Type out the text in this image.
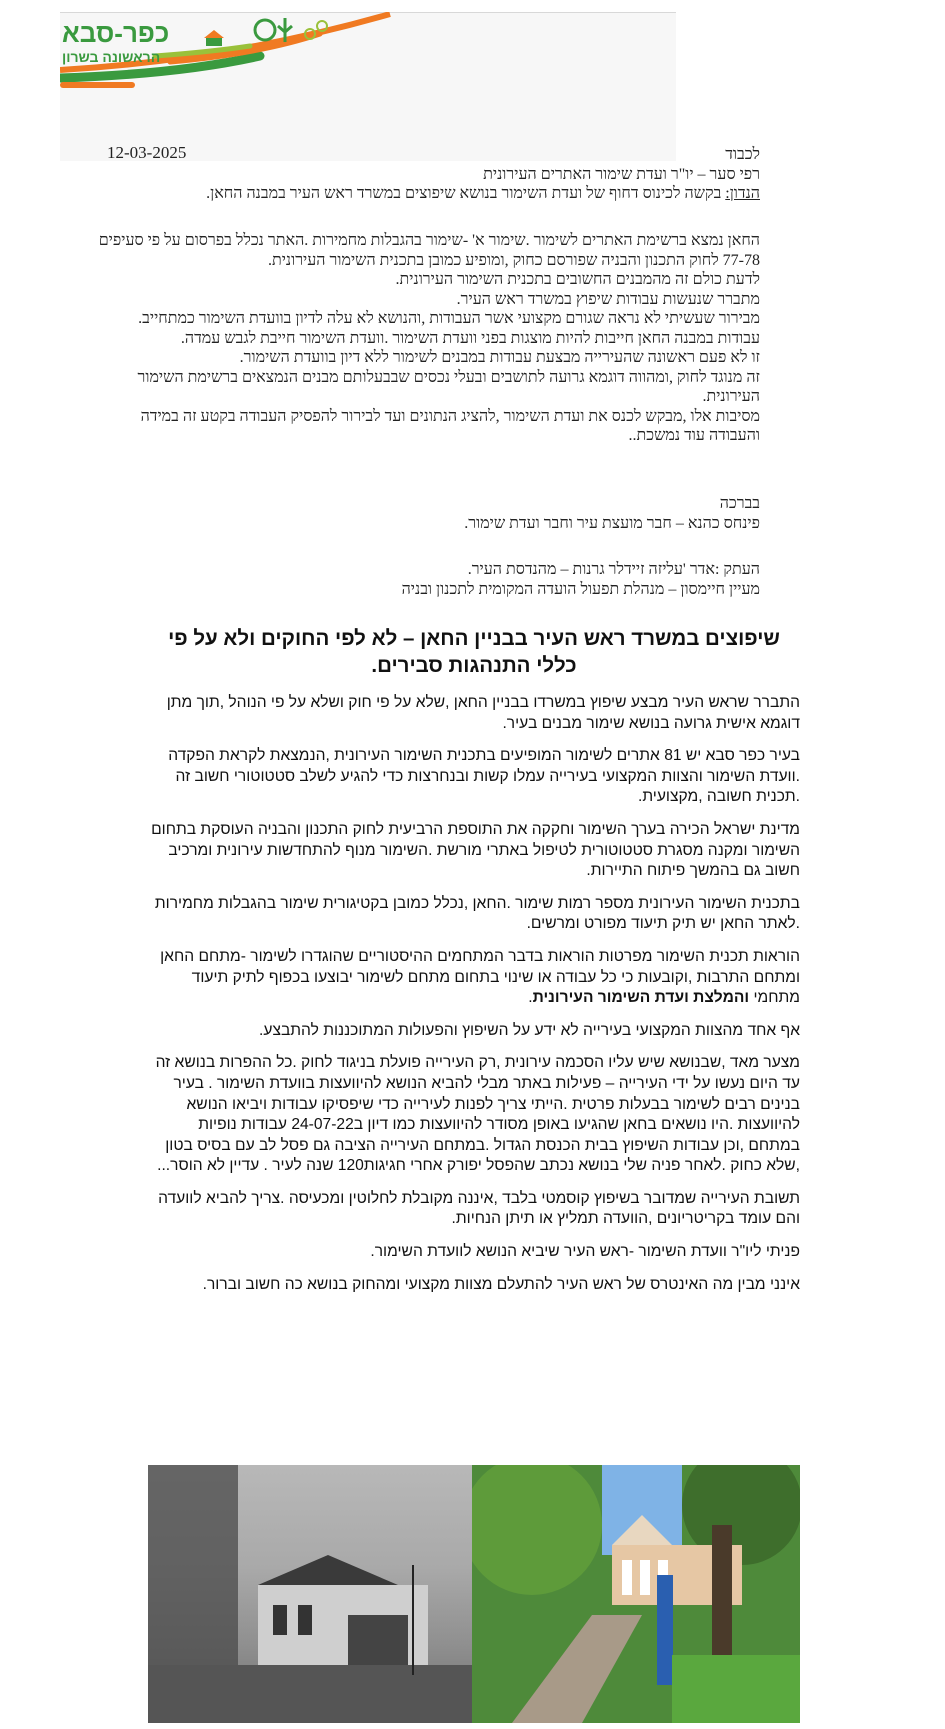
כפר-סבא
הראשונה בשרון
12-03-2025	לכבוד

רפי סער – יו"ר ועדת שימור האתרים העירונית

הנדון: בקשה לכינוס דחוף של ועדת השימור בנושא שיפוצים במשרד ראש העיר במבנה החאן.

החאן נמצא ברשימת האתרים לשימור .שימור א' -שימור בהגבלות מחמירות .האתר נכלל בפרסום על פי סעיפים 77-78 לחוק התכנון והבניה שפורסם כחוק ,ומופיע כמובן בתכנית השימור העירונית.

לדעת כולם זה מהמבנים החשובים בתכנית השימור העירונית.

מתברר שנעשות עבודות שיפוץ במשרד ראש העיר.

מבירור שעשיתי לא נראה שגורם מקצועי אשר העבודות ,והנושא לא עלה לדיון בוועדת השימור כמתחייב.

עבודות במבנה החאן חייבות להיות מוצגות בפני וועדת השימור .וועדת השימור חייבת לגבש עמדה.

זו לא פעם ראשונה שהעירייה מבצעת עבודות במבנים לשימור ללא דיון בוועדת השימור.

זה מנוגד לחוק ,ומהווה דוגמא גרועה לתושבים ובעלי נכסים שבבעלותם מבנים הנמצאים ברשימת השימור העירונית.

מסיבות אלו ,מבקש לכנס את ועדת השימור ,להציג הנתונים ועד לבירור להפסיק העבודה בקטע זה במידה והעבודה עוד נמשכת..

בברכה

פינחס כהנא – חבר מועצת עיר וחבר ועדת שימור.

העתק :אדר 'עליזה זיידלר גרנות – מהנדסת העיר.

מעיין חיימסון – מנהלת תפעול הועדה המקומית לתכנון ובניה

שיפוצים במשרד ראש העיר בבניין החאן – לא לפי החוקים ולא על פי כללי התנהגות סבירים.

התברר שראש העיר מבצע שיפוץ במשרדו בבניין החאן ,שלא על פי חוק ושלא על פי הנוהל ,תוך מתן דוגמא אישית גרועה בנושא שימור מבנים בעיר.

בעיר כפר סבא יש 81 אתרים לשימור המופיעים בתכנית השימור העירונית ,הנמצאת לקראת הפקדה .וועדת השימור והצוות המקצועי בעירייה עמלו קשות ובנחרצות כדי להגיע לשלב סטטוטורי חשוב זה .תכנית חשובה ,מקצועית.

מדינת ישראל הכירה בערך השימור וחקקה את התוספת הרביעית לחוק התכנון והבניה העוסקת בתחום השימור ומקנה מסגרת סטטוטורית לטיפול באתרי מורשת .השימור מנוף להתחדשות עירונית ומרכיב חשוב גם בהמשך פיתוח התיירות.

בתכנית השימור העירונית מספר רמות שימור .החאן ,נכלל כמובן בקטיגורית שימור בהגבלות מחמירות .לאתר החאן יש תיק תיעוד מפורט ומרשים.

הוראות תכנית השימור מפרטות הוראות בדבר המתחמים ההיסטוריים שהוגדרו לשימור -מתחם החאן ומתחם התרבות ,וקובעות כי כל עבודה או שינוי בתחום מתחם לשימור יבוצעו בכפוף לתיק תיעוד מתחמי והמלצת ועדת השימור העירונית.

אף אחד מהצוות המקצועי בעירייה לא ידע על השיפוץ והפעולות המתוכננות להתבצע.

מצער מאד ,שבנושא שיש עליו הסכמה עירונית ,רק העירייה פועלת בניגוד לחוק .כל ההפרות בנושא זה עד היום נעשו על ידי העירייה – פעילות באתר מבלי להביא הנושא להיוועצות בוועדת השימור . בעיר בנינים רבים לשימור בבעלות פרטית .הייתי צריך לפנות לעירייה כדי שיפסיקו עבודות ויביאו הנושא להיוועצות .היו נושאים בחאן שהגיעו באופן מסודר להיוועצות כמו דיון ב24-07-22 עבודות נופיות במתחם ,וכן עבודות השיפוץ בבית הכנסת הגדול .במתחם העירייה הציבה גם פסל לב עם בסיס בטון ,שלא כחוק .לאחר פניה שלי בנושא נכתב שהפסל יפורק אחרי חגיגות120 שנה לעיר . עדיין לא הוסר...

תשובת העירייה שמדובר בשיפוץ קוסמטי בלבד ,איננה מקובלת לחלוטין ומכעיסה .צריך להביא לוועדה והם עומד בקריטריונים ,הוועדה תמליץ או תיתן הנחיות.

פניתי ליו"ר וועדת השימור -ראש העיר שיביא הנושא לוועדת השימור.

אינני מבין מה האינטרס של ראש העיר להתעלם מצוות מקצועי ומהחוק בנושא כה חשוב וברור.
